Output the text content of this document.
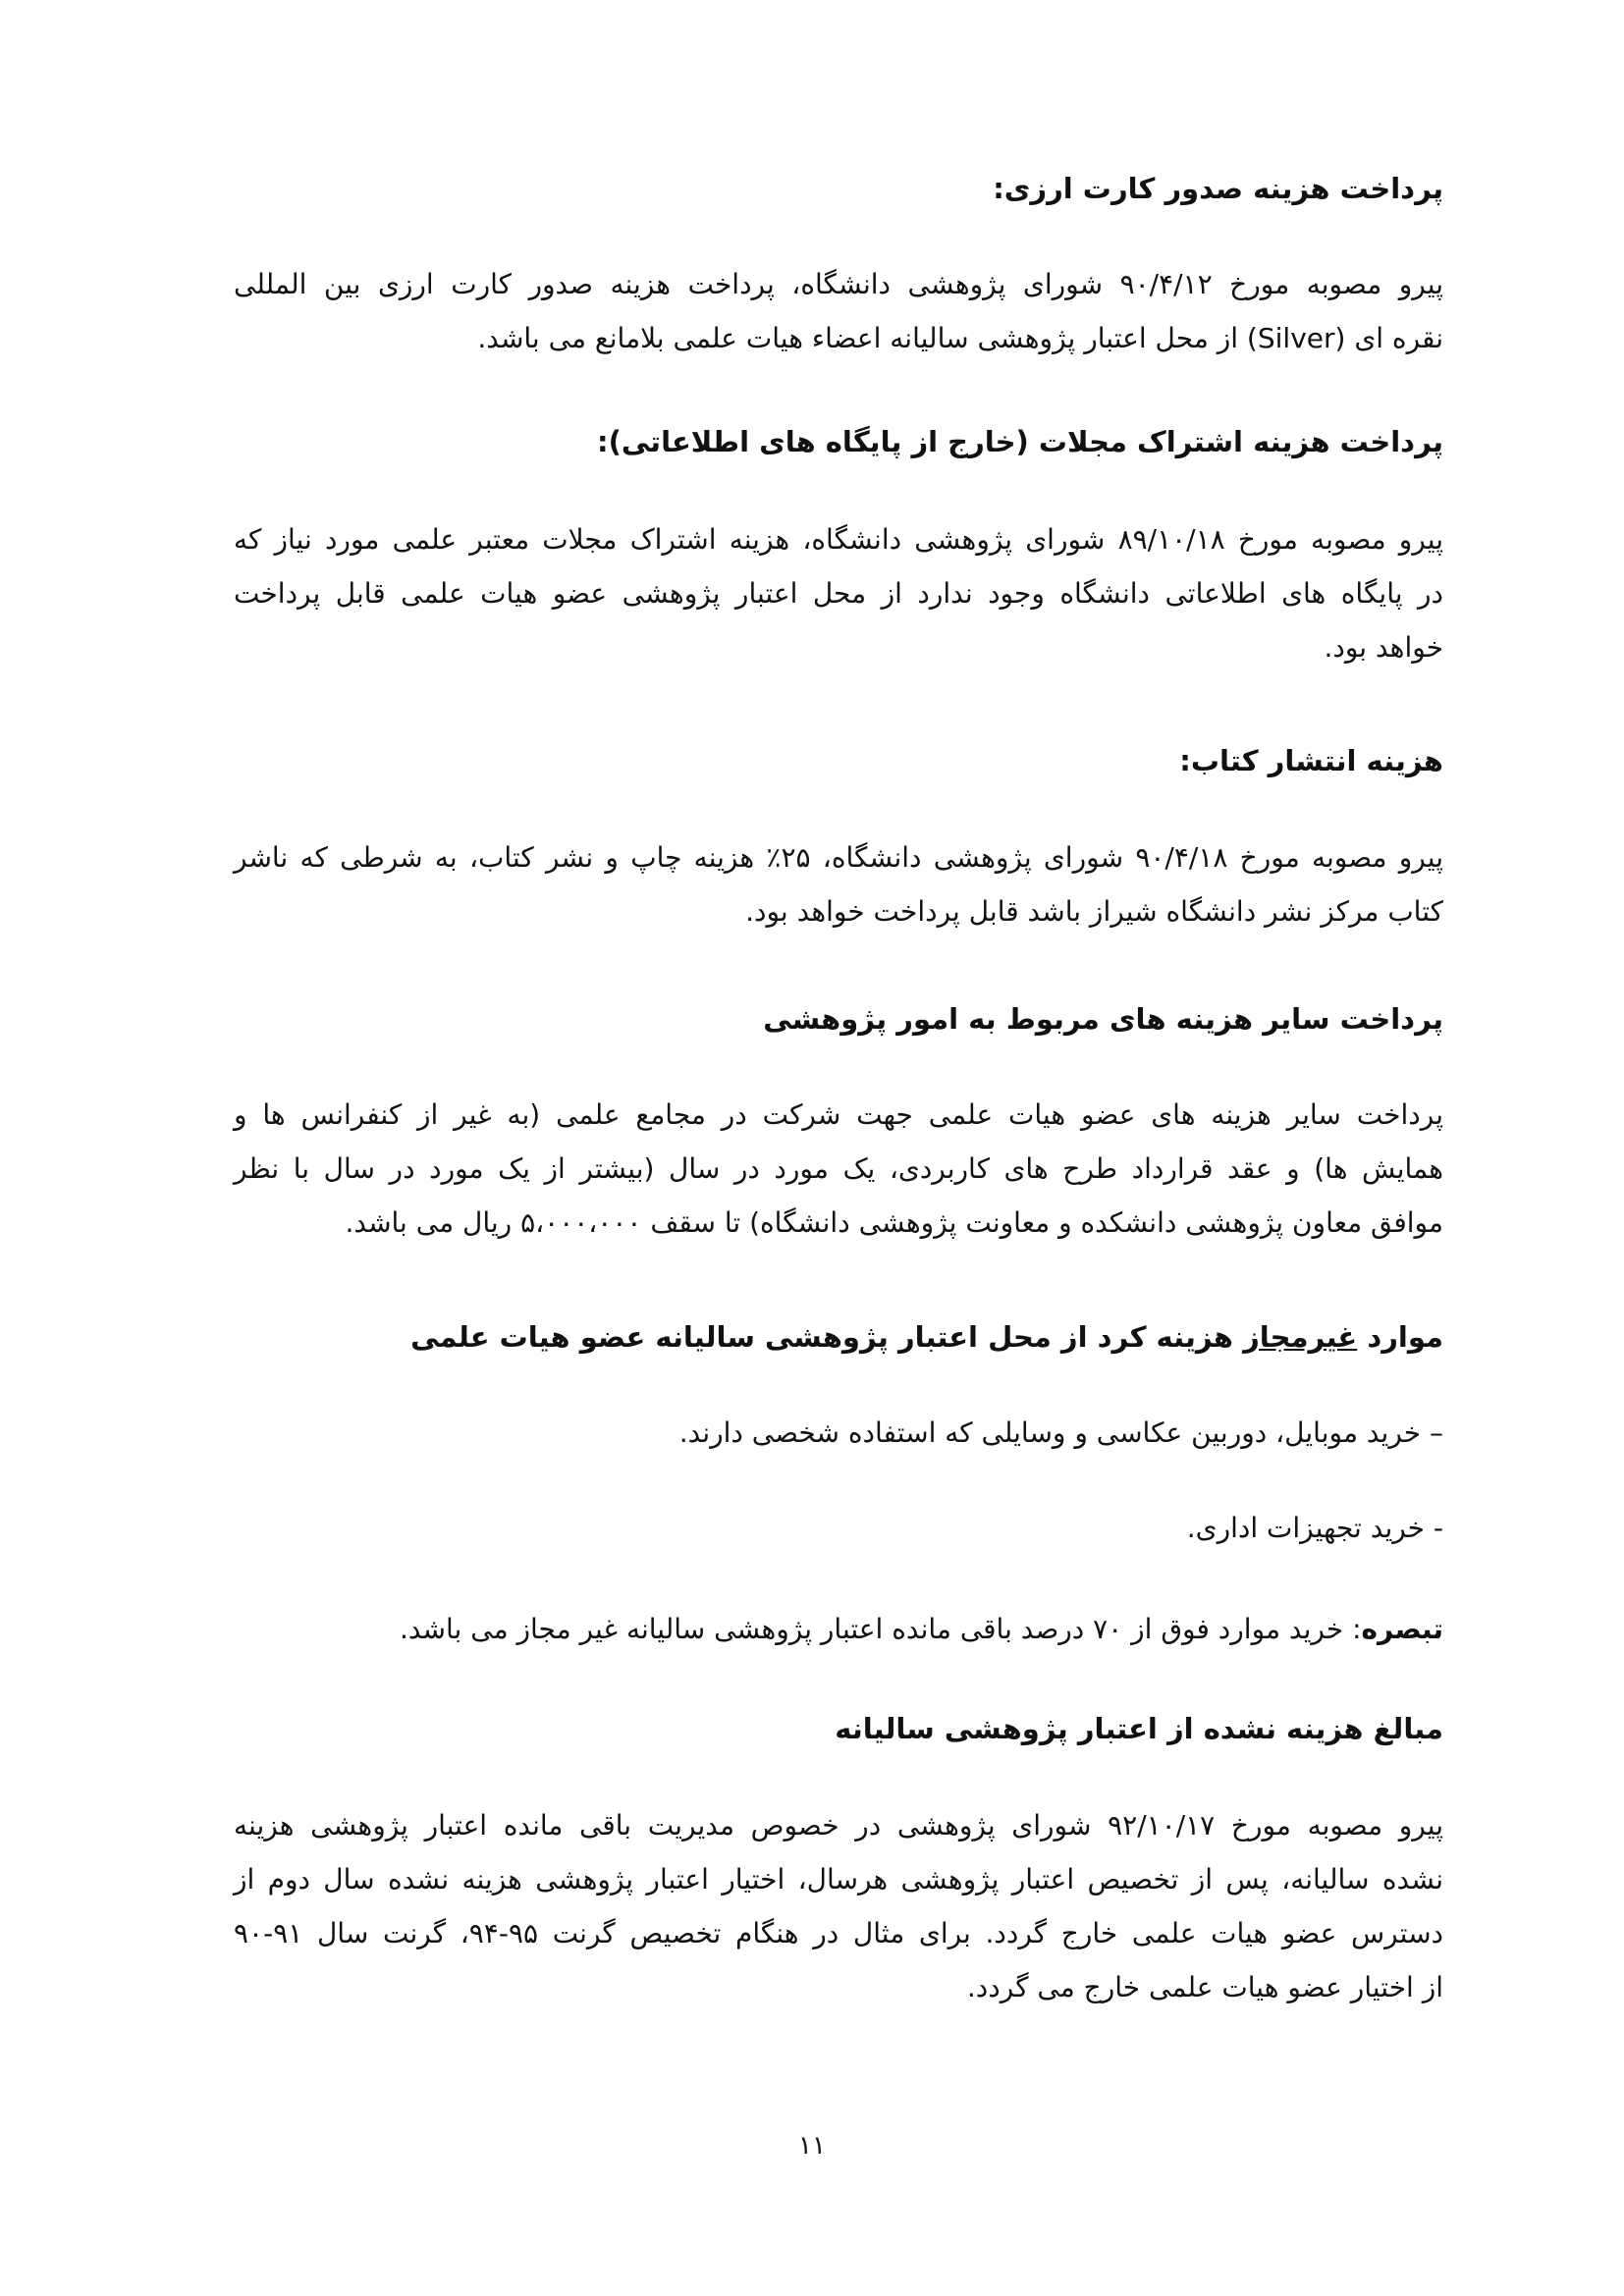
پرداخت هزینه صدور کارت ارزی:
پیرو مصوبه مورخ ۹۰/۴/۱۲ شورای پژوهشی دانشگاه، پرداخت هزینه صدور کارت ارزی بین المللی
نقره ای (Silver) از محل اعتبار پژوهشی سالیانه اعضاء هیات علمی بلامانع می باشد.
پرداخت هزینه اشتراک مجلات (خارج از پایگاه های اطلاعاتی):
پیرو مصوبه مورخ ۸۹/۱۰/۱۸ شورای پژوهشی دانشگاه، هزینه اشتراک مجلات معتبر علمی مورد نیاز که
در پایگاه های اطلاعاتی دانشگاه وجود ندارد از محل اعتبار پژوهشی عضو هیات علمی قابل پرداخت
خواهد بود.
هزینه انتشار کتاب:
پیرو مصوبه مورخ ۹۰/۴/۱۸ شورای پژوهشی دانشگاه، ۲۵٪ هزینه چاپ و نشر کتاب، به شرطی که ناشر
کتاب مرکز نشر دانشگاه شیراز باشد قابل پرداخت خواهد بود.
پرداخت سایر هزینه های مربوط به امور پژوهشی
پرداخت سایر هزینه های عضو هیات علمی جهت شرکت در مجامع علمی (به غیر از کنفرانس ها و
همایش ها) و عقد قرارداد طرح های کاربردی، یک مورد در سال (بیشتر از یک مورد در سال با نظر
موافق معاون پژوهشی دانشکده و معاونت پژوهشی دانشگاه) تا سقف ۵،۰۰۰،۰۰۰ ریال می باشد.
موارد غیرمجاز هزینه کرد از محل اعتبار پژوهشی سالیانه عضو هیات علمی
– خرید موبایل، دوربین عکاسی و وسایلی که استفاده شخصی دارند.
- خرید تجهیزات اداری.
تبصره: خرید موارد فوق از ۷۰ درصد باقی مانده اعتبار پژوهشی سالیانه غیر مجاز می باشد.
مبالغ هزینه نشده از اعتبار پژوهشی سالیانه
پیرو مصوبه مورخ ۹۲/۱۰/۱۷ شورای پژوهشی در خصوص مدیریت باقی مانده اعتبار پژوهشی هزینه
نشده سالیانه، پس از تخصیص اعتبار پژوهشی هرسال، اختیار اعتبار پژوهشی هزینه نشده سال دوم از
دسترس عضو هیات علمی خارج گردد. برای مثال در هنگام تخصیص گرنت ۹۵-۹۴، گرنت سال ۹۱-۹۰
از اختیار عضو هیات علمی خارج می گردد.
۱۱
